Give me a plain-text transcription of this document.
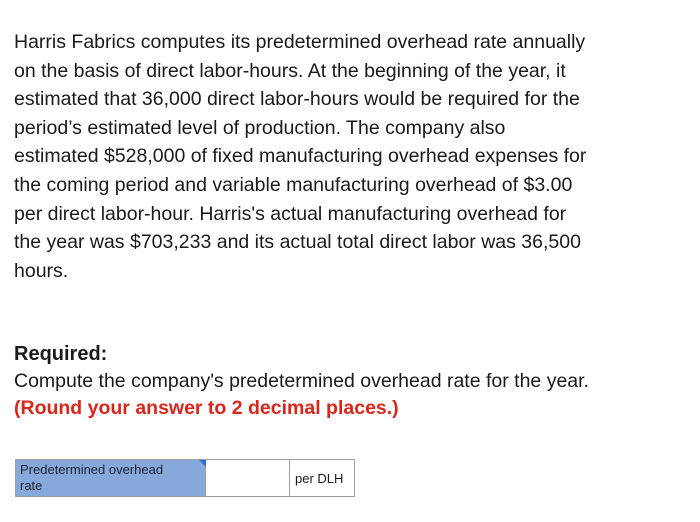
Harris Fabrics computes its predetermined overhead rate annually
on the basis of direct labor-hours. At the beginning of the year, it
estimated that 36,000 direct labor-hours would be required for the
period’s estimated level of production. The company also
estimated $528,000 of fixed manufacturing overhead expenses for
the coming period and variable manufacturing overhead of $3.00
per direct labor-hour. Harris's actual manufacturing overhead for
the year was $703,233 and its actual total direct labor was 36,500
hours.
Required:
Compute the company's predetermined overhead rate for the year.
(Round your answer to 2 decimal places.)
Predetermined overhead
rate	per DLH
